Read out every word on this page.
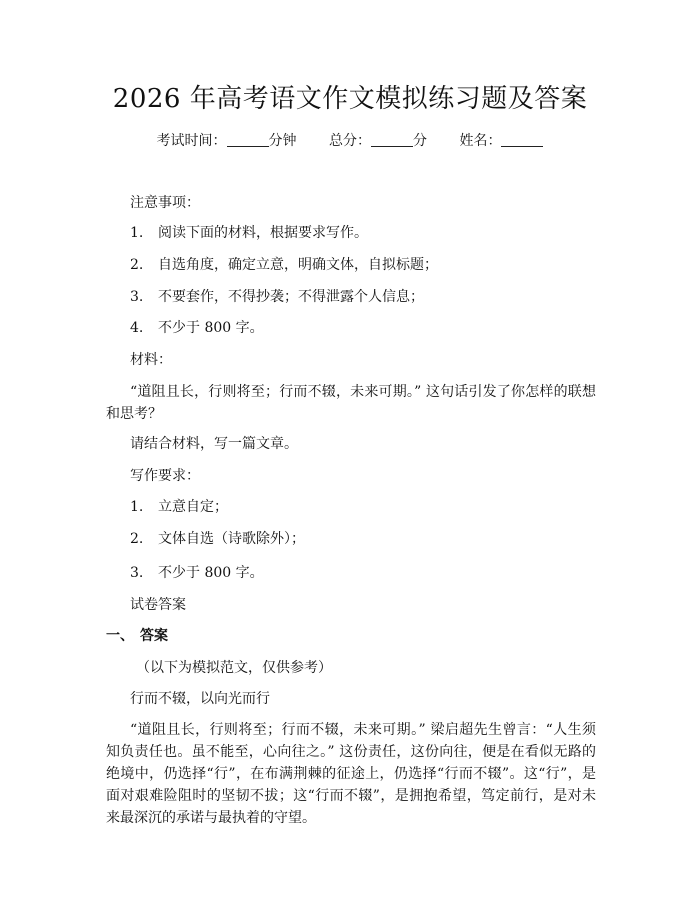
2026 年高考语文作文模拟练习题及答案
考试时间：	分钟 总分：	分 姓名：
注意事项：
1. 阅读下面的材料，根据要求写作。
2. 自选角度，确定立意，明确文体，自拟标题；
3. 不要套作，不得抄袭；不得泄露个人信息；
4. 不少于 800 字。
材料：
“道阻且长，行则将至；行而不辍，未来可期。” 这句话引发了你怎样的联想和思考？
请结合材料，写一篇文章。
写作要求：
1. 立意自定；
2. 文体自选（诗歌除外）；
3. 不少于 800 字。
试卷答案
一、 答案
（以下为模拟范文，仅供参考）
行而不辍，以向光而行
“道阻且长，行则将至；行而不辍，未来可期。” 梁启超先生曾言：“人生须知负责任也。虽不能至，心向往之。” 这份责任，这份向往，便是在看似无路的绝境中，仍选择“行”，在布满荆棘的征途上，仍选择“行而不辍”。这“行”，是面对艰难险阻时的坚韧不拔；这“行而不辍”，是拥抱希望，笃定前行，是对未来最深沉的承诺与最执着的守望。
